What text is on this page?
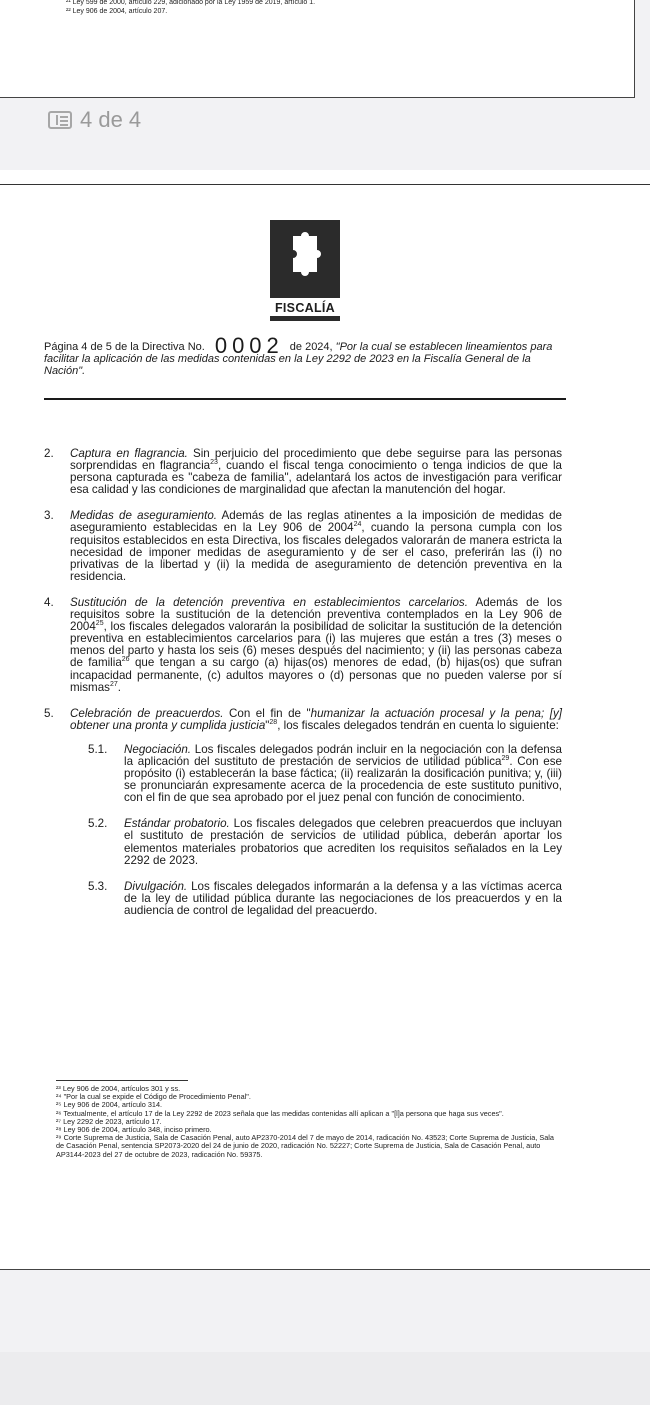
²¹ Ley 599 de 2000, artículo 229, adicionado por la Ley 1959 de 2019, artículo 1.
²² Ley 906 de 2004, artículo 207.
4 de 4
FISCALÍA
Página 4 de 5 de la Directiva No. 0002 de 2024, "Por la cual se establecen lineamientos para facilitar la aplicación de las medidas contenidas en la Ley 2292 de 2023 en la Fiscalía General de la Nación".
2.	Captura en flagrancia. Sin perjuicio del procedimiento que debe seguirse para las personas sorprendidas en flagrancia$^{23}$, cuando el fiscal tenga conocimiento o tenga indicios de que la persona capturada es "cabeza de familia", adelantará los actos de investigación para verificar esa calidad y las condiciones de marginalidad que afectan la manutención del hogar.
3.	Medidas de aseguramiento. Además de las reglas atinentes a la imposición de medidas de aseguramiento establecidas en la Ley 906 de 2004$^{24}$, cuando la persona cumpla con los requisitos establecidos en esta Directiva, los fiscales delegados valorarán de manera estricta la necesidad de imponer medidas de aseguramiento y de ser el caso, preferirán las (i) no privativas de la libertad y (ii) la medida de aseguramiento de detención preventiva en la residencia.
4.	Sustitución de la detención preventiva en establecimientos carcelarios. Además de los requisitos sobre la sustitución de la detención preventiva contemplados en la Ley 906 de 2004$^{25}$, los fiscales delegados valorarán la posibilidad de solicitar la sustitución de la detención preventiva en establecimientos carcelarios para (i) las mujeres que están a tres (3) meses o menos del parto y hasta los seis (6) meses después del nacimiento; y (ii) las personas cabeza de familia$^{26}$ que tengan a su cargo (a) hijas(os) menores de edad, (b) hijas(os) que sufran incapacidad permanente, (c) adultos mayores o (d) personas que no pueden valerse por sí mismas$^{27}$.
5.	Celebración de preacuerdos. Con el fin de "humanizar la actuación procesal y la pena; [y] obtener una pronta y cumplida justicia"$^{28}$, los fiscales delegados tendrán en cuenta lo siguiente:
5.1.	Negociación. Los fiscales delegados podrán incluir en la negociación con la defensa la aplicación del sustituto de prestación de servicios de utilidad pública$^{29}$. Con ese propósito (i) establecerán la base fáctica; (ii) realizarán la dosificación punitiva; y, (iii) se pronunciarán expresamente acerca de la procedencia de este sustituto punitivo, con el fin de que sea aprobado por el juez penal con función de conocimiento.
5.2.	Estándar probatorio. Los fiscales delegados que celebren preacuerdos que incluyan el sustituto de prestación de servicios de utilidad pública, deberán aportar los elementos materiales probatorios que acrediten los requisitos señalados en la Ley 2292 de 2023.
5.3.	Divulgación. Los fiscales delegados informarán a la defensa y a las víctimas acerca de la ley de utilidad pública durante las negociaciones de los preacuerdos y en la audiencia de control de legalidad del preacuerdo.
²³ Ley 906 de 2004, artículos 301 y ss.
²⁴ "Por la cual se expide el Código de Procedimiento Penal".
²⁵ Ley 906 de 2004, artículo 314.
²⁶ Textualmente, el artículo 17 de la Ley 2292 de 2023 señala que las medidas contenidas allí aplican a "[l]a persona que haga sus veces".
²⁷ Ley 2292 de 2023, artículo 17.
²⁸ Ley 906 de 2004, artículo 348, inciso primero.
²⁹ Corte Suprema de Justicia, Sala de Casación Penal, auto AP2370-2014 del 7 de mayo de 2014, radicación No. 43523; Corte Suprema de Justicia, Sala de Casación Penal, sentencia SP2073-2020 del 24 de junio de 2020, radicación No. 52227; Corte Suprema de Justicia, Sala de Casación Penal, auto AP3144-2023 del 27 de octubre de 2023, radicación No. 59375.
